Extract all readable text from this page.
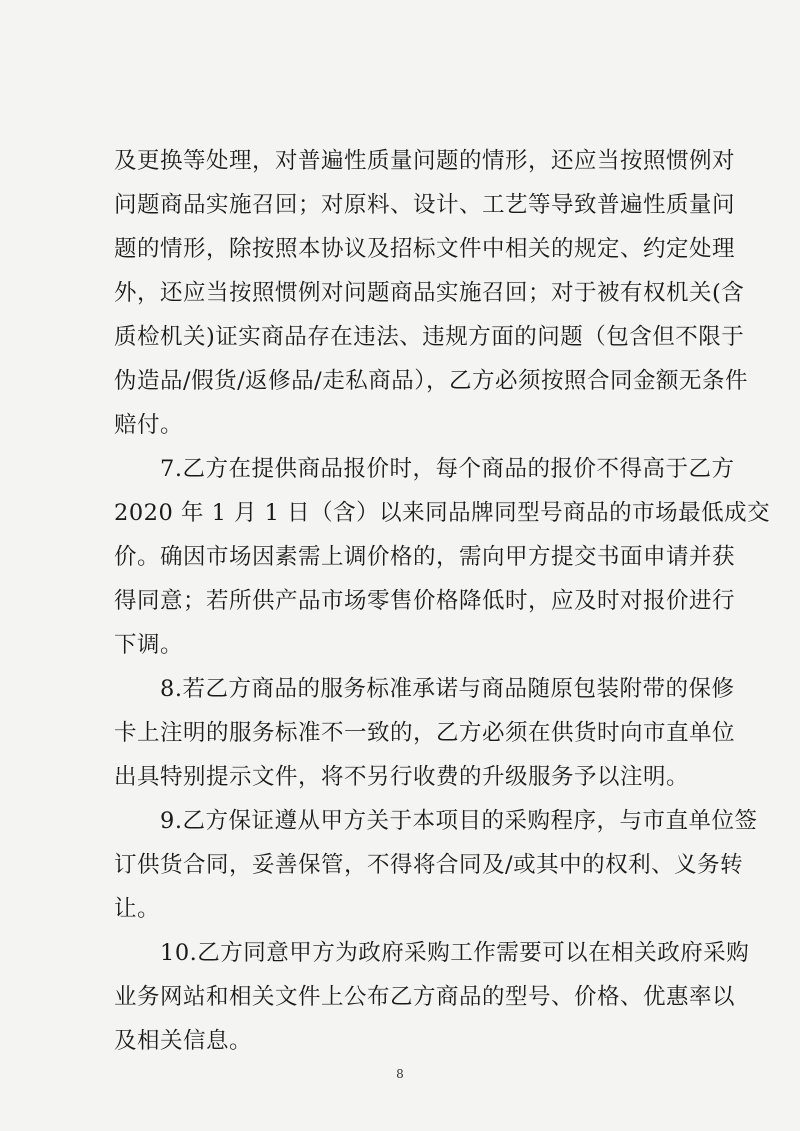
及更换等处理，对普遍性质量问题的情形，还应当按照惯例对
问题商品实施召回；对原料、设计、工艺等导致普遍性质量问
题的情形，除按照本协议及招标文件中相关的规定、约定处理
外，还应当按照惯例对问题商品实施召回；对于被有权机关(含
质检机关)证实商品存在违法、违规方面的问题（包含但不限于
伪造品/假货/返修品/走私商品），乙方必须按照合同金额无条件
赔付。
7.乙方在提供商品报价时，每个商品的报价不得高于乙方
2020 年 1 月 1 日（含）以来同品牌同型号商品的市场最低成交
价。确因市场因素需上调价格的，需向甲方提交书面申请并获
得同意；若所供产品市场零售价格降低时，应及时对报价进行
下调。
8.若乙方商品的服务标准承诺与商品随原包装附带的保修
卡上注明的服务标准不一致的，乙方必须在供货时向市直单位
出具特别提示文件，将不另行收费的升级服务予以注明。
9.乙方保证遵从甲方关于本项目的采购程序，与市直单位签
订供货合同，妥善保管，不得将合同及/或其中的权利、义务转
让。
10.乙方同意甲方为政府采购工作需要可以在相关政府采购
业务网站和相关文件上公布乙方商品的型号、价格、优惠率以
及相关信息。
8
